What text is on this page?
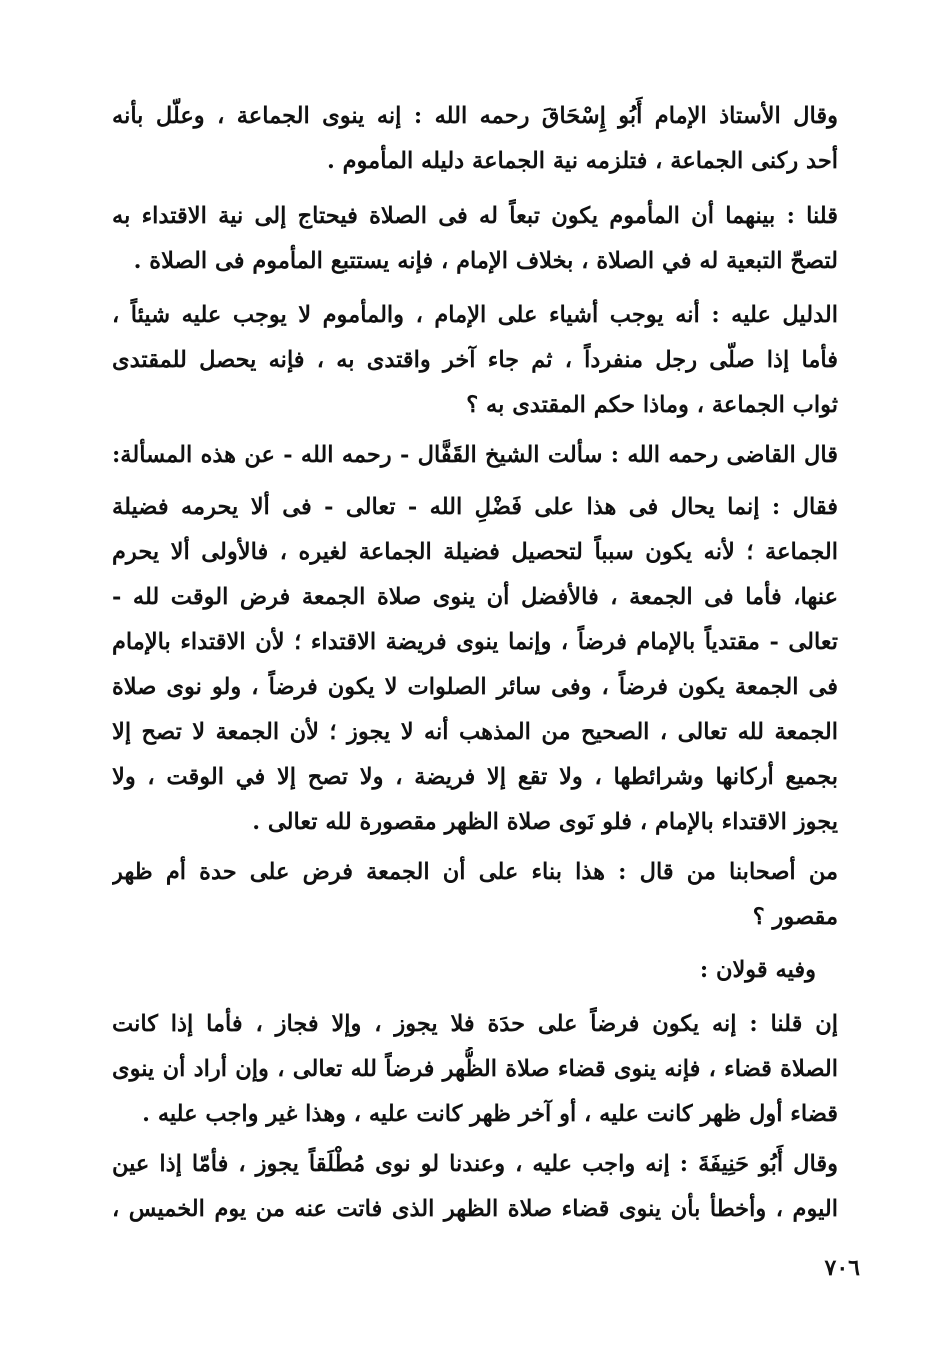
وقال الأستاذ الإمام أَبُو إِسْحَاقَ رحمه الله : إنه ينوى الجماعة ، وعلّل بأنه
أحد ركنى الجماعة ، فتلزمه نية الجماعة دليله المأموم .
قلنا : بينهما أن المأموم يكون تبعاً له فى الصلاة فيحتاج إلى نية الاقتداء به
لتصحّ التبعية له في الصلاة ، بخلاف الإمام ، فإنه يستتبع المأموم فى الصلاة .
الدليل عليه : أنه يوجب أشياء على الإمام ، والمأموم لا يوجب عليه شيئاً ،
فأما إذا صلّى رجل منفرداً ، ثم جاء آخر واقتدى به ، فإنه يحصل للمقتدى
ثواب الجماعة ، وماذا حكم المقتدى به ؟
قال القاضى رحمه الله : سألت الشيخ القَفَّال - رحمه الله - عن هذه المسألة:
فقال : إنما يحال فى هذا على فَضْلِ الله - تعالى - فى ألا يحرمه فضيلة
الجماعة ؛ لأنه يكون سبباً لتحصيل فضيلة الجماعة لغيره ، فالأولى ألا يحرم
عنها، فأما فى الجمعة ، فالأفضل أن ينوى صلاة الجمعة فرض الوقت لله -
تعالى - مقتدياً بالإمام فرضاً ، وإنما ينوى فريضة الاقتداء ؛ لأن الاقتداء بالإمام
فى الجمعة يكون فرضاً ، وفى سائر الصلوات لا يكون فرضاً ، ولو نوى صلاة
الجمعة لله تعالى ، الصحيح من المذهب أنه لا يجوز ؛ لأن الجمعة لا تصح إلا
بجميع أركانها وشرائطها ، ولا تقع إلا فريضة ، ولا تصح إلا في الوقت ، ولا
يجوز الاقتداء بالإمام ، فلو نَوى صلاة الظهر مقصورة لله تعالى .
من أصحابنا من قال : هذا بناء على أن الجمعة فرض على حدة أم ظهر
مقصور ؟
وفيه قولان :
إن قلنا : إنه يكون فرضاً على حدَة فلا يجوز ، وإلا فجاز ، فأما إذا كانت
الصلاة قضاء ، فإنه ينوى قضاء صلاة الظُّهر فرضاً لله تعالى ، وإن أراد أن ينوى
قضاء أول ظهر كانت عليه ، أو آخر ظهر كانت عليه ، وهذا غير واجب عليه .
وقال أَبُو حَنِيفَةَ : إنه واجب عليه ، وعندنا لو نوى مُطْلَقاً يجوز ، فأمّا إذا عين
اليوم ، وأخطأ بأن ينوى قضاء صلاة الظهر الذى فاتت عنه من يوم الخميس ،
٧٠٦
